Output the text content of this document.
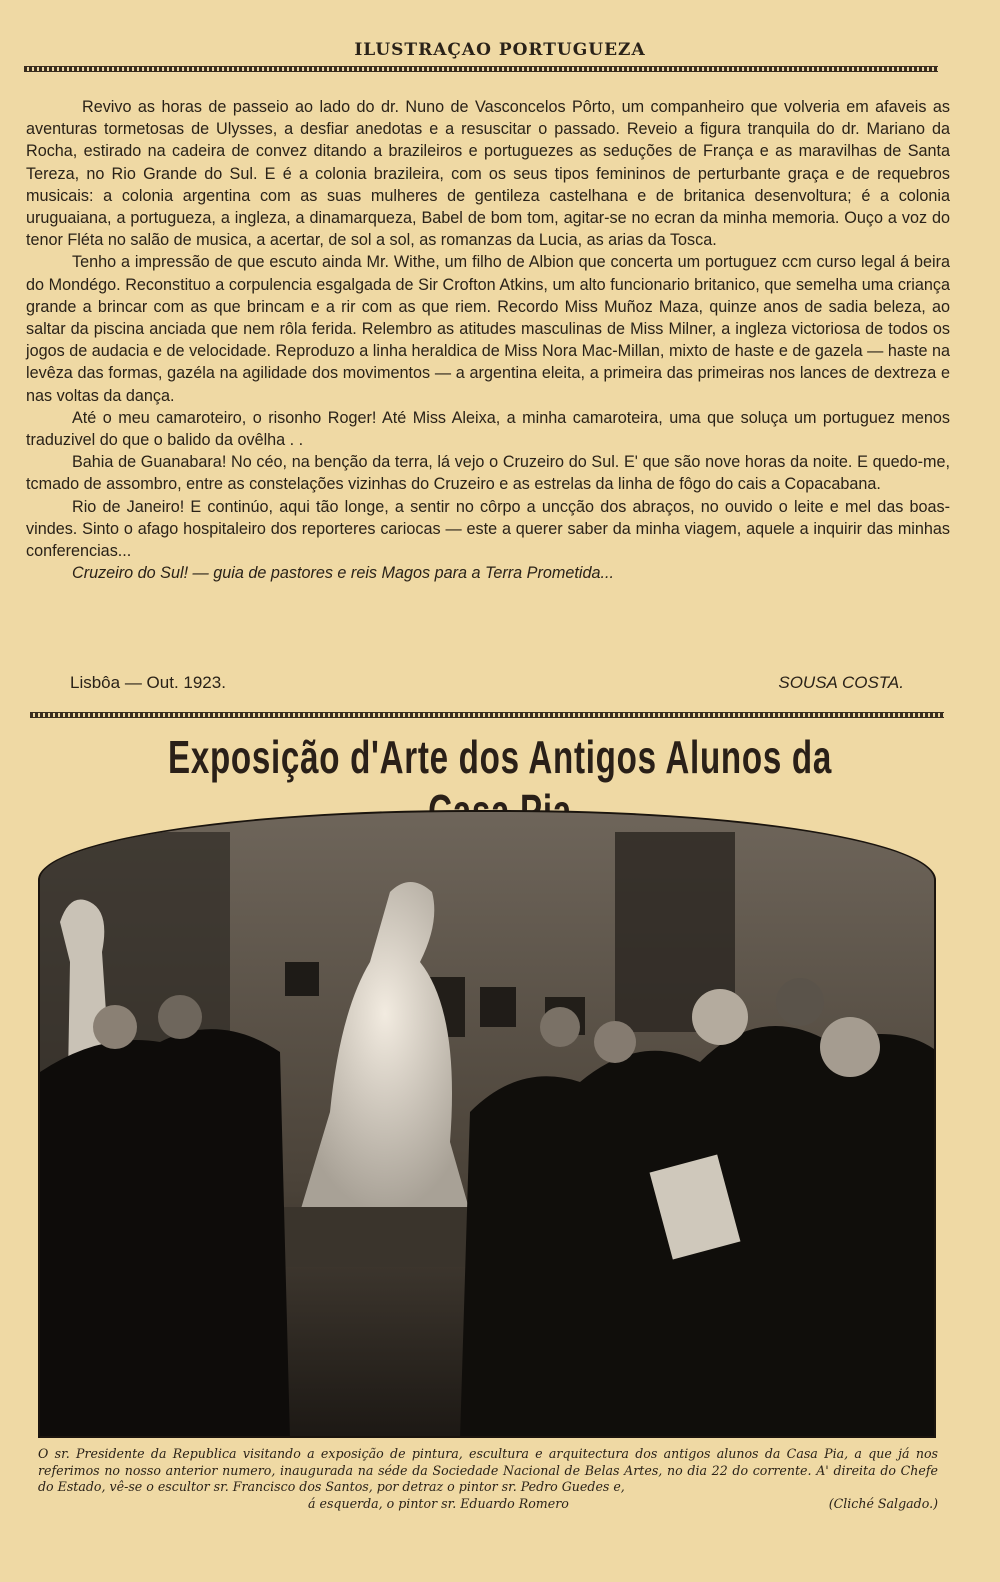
ILUSTRAÇAO PORTUGUEZA

Revivo as horas de passeio ao lado do dr. Nuno de Vasconcelos Pôrto, um companheiro que volveria em afaveis as aventuras tormetosas de Ulysses, a desfiar anedotas e a resuscitar o passado. Reveio a figura tranquila do dr. Mariano da Rocha, estirado na cadeira de convez ditando a brazileiros e portuguezes as seduções de França e as maravilhas de Santa Tereza, no Rio Grande do Sul. E é a colonia brazileira, com os seus tipos femininos de perturbante graça e de requebros musicais: a colonia argentina com as suas mulheres de gentileza castelhana e de britanica desenvoltura; é a colonia uruguaiana, a portugueza, a ingleza, a dinamarqueza, Babel de bom tom, agitar-se no ecran da minha memoria. Ouço a voz do tenor Fléta no salão de musica, a acertar, de sol a sol, as romanzas da Lucia, as arias da Tosca.

Tenho a impressão de que escuto ainda Mr. Withe, um filho de Albion que concerta um portuguez ccm curso legal á beira do Mondégo. Reconstituo a corpulencia esgalgada de Sir Crofton Atkins, um alto funcionario britanico, que semelha uma criança grande a brincar com as que brincam e a rir com as que riem. Recordo Miss Muñoz Maza, quinze anos de sadia beleza, ao saltar da piscina anciada que nem rôla ferida. Relembro as atitudes masculinas de Miss Milner, a ingleza victoriosa de todos os jogos de audacia e de velocidade. Reproduzo a linha heraldica de Miss Nora Mac-Millan, mixto de haste e de gazela — haste na levêza das formas, gazéla na agilidade dos movimentos — a argentina eleita, a primeira das primeiras nos lances de dextreza e nas voltas da dança.

Até o meu camaroteiro, o risonho Roger! Até Miss Aleixa, a minha camaroteira, uma que soluça um portuguez menos traduzivel do que o balido da ovêlha . .

Bahia de Guanabara! No céo, na benção da terra, lá vejo o Cruzeiro do Sul. E' que são nove horas da noite. E quedo-me, tcmado de assombro, entre as constelações vizinhas do Cruzeiro e as estrelas da linha de fôgo do cais a Copacabana.

Rio de Janeiro! E continúo, aqui tão longe, a sentir no côrpo a uncção dos abraços, no ouvido o leite e mel das boas-vindes. Sinto o afago hospitaleiro dos reporteres cariocas — este a querer saber da minha viagem, aquele a inquirir das minhas conferencias...

Cruzeiro do Sul! — guia de pastores e reis Magos para a Terra Prometida...

Lisbôa — Out. 1923.	SOUSA COSTA.
Exposição d'Arte dos Antigos Alunos da
O sr. Presidente da Republica visitando a exposição de pintura, escultura e arquitectura dos antigos alunos da Casa Pia, a que já nos referimos no nosso anterior numero, inaugurada na séde da Sociedade Nacional de Belas Artes, no dia 22 do corrente. A' direita do Chefe do Estado, vê-se o escultor sr. Francisco dos Santos, por detraz o pintor sr. Pedro Guedes e,
á esquerda, o pintor sr. Eduardo Romero	(Cliché Salgado.)
